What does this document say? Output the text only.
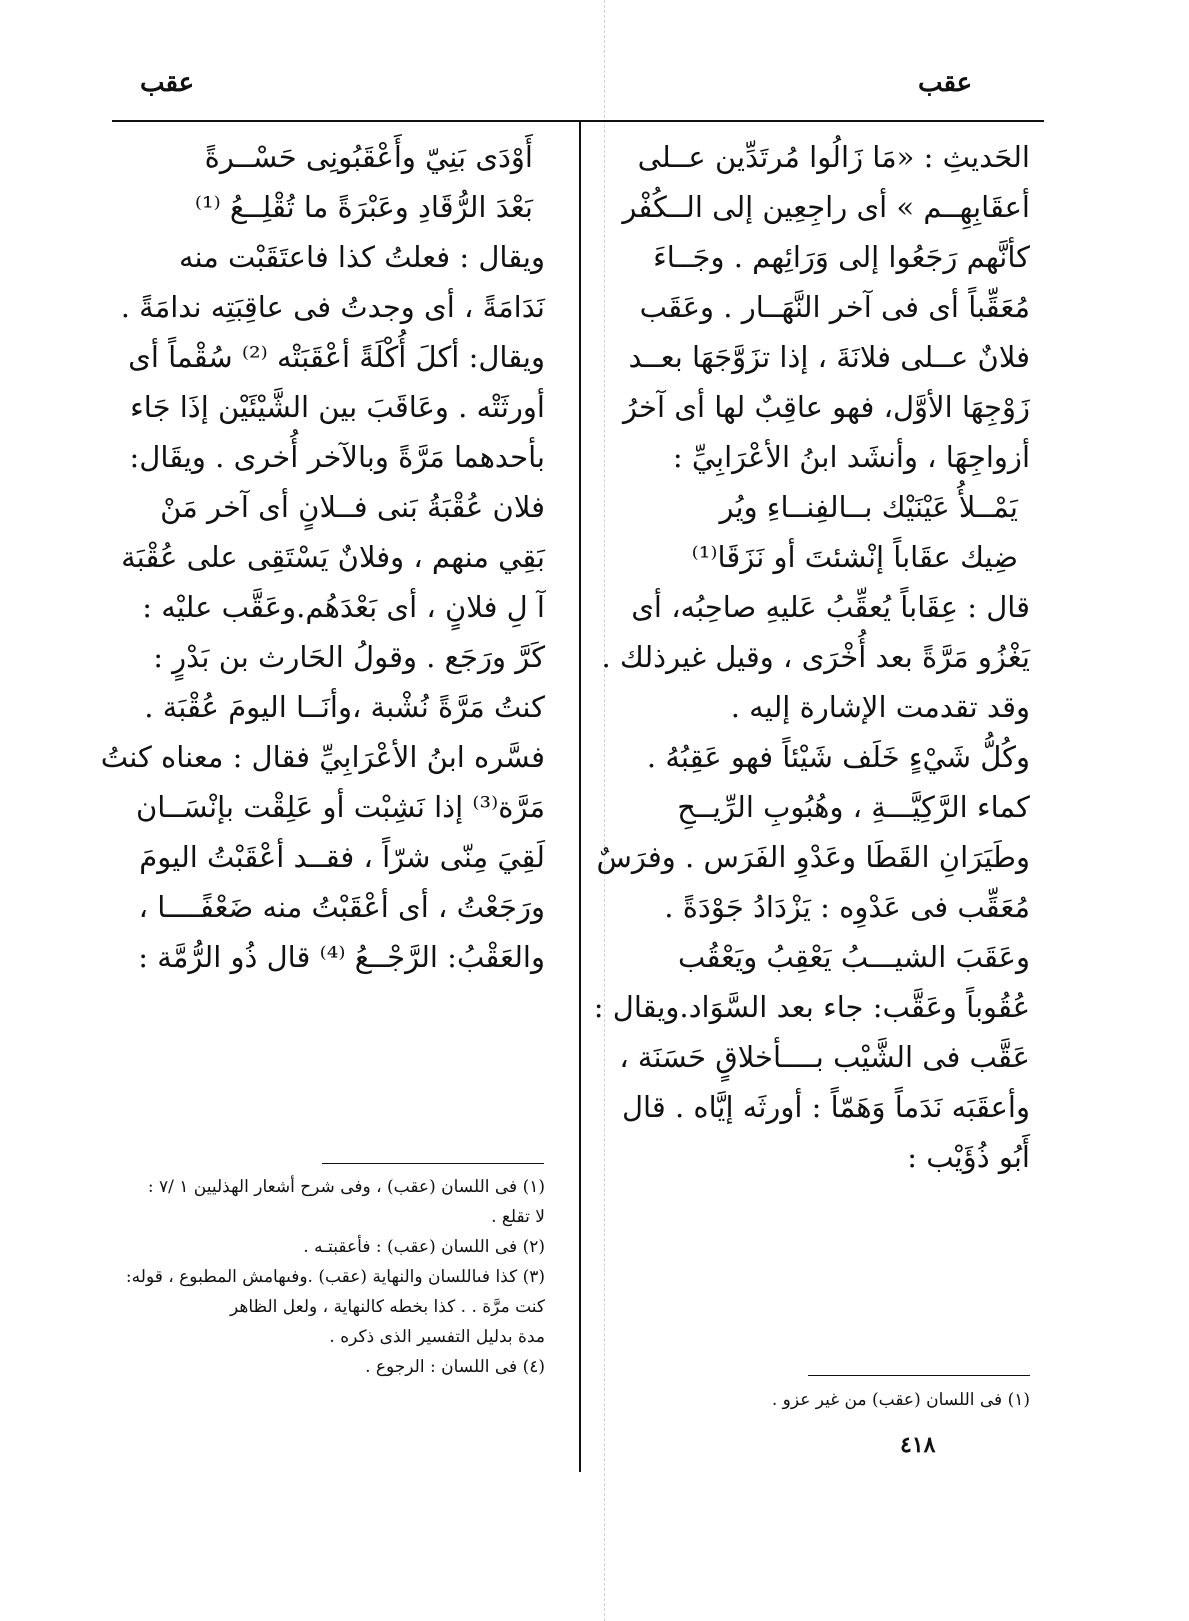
عقب
عقب
الحَديثِ : «مَا زَالُوا مُرتَدِّين عــلى
أعقَابِهِــم » أى راجِعِين إلى الــكُفْر
كأنَّهم رَجَعُوا إلى وَرَائِهم . وجَــاءَ
مُعَقِّباً أى فى آخر النَّهَــار . وعَقَب
فلانٌ عــلى فلانَةَ ، إذا تزَوَّجَهَا بعــد
زَوْجِهَا الأوَّل، فهو عاقِبٌ لها أى آخرُ
أزواجِهَا ، وأنشَد ابنُ الأعْرَابِيِّ :
يَمْــلأُ عَيْنَيْك بــالفِنــاءِ ويُر
ضِيك عقَاباً إنْشئتَ أو نَزَقَا⁽¹⁾
قال : عِقَاباً يُعقِّبُ عَليهِ صاحِبُه، أى
يَغْزُو مَرَّةً بعد أُخْرَى ، وقيل غيرذلك .
وقد تقدمت الإشارة إليه .
وكُلُّ شَيْءٍ خَلَف شَيْئاً فهو عَقِبُهُ .
كماء الرَّكِيَّـــةِ ، وهُبُوبِ الرِّيــحِ
وطَيَرَانِ القَطَا وعَدْوِ الفَرَس . وفرَسٌ
مُعَقِّب فى عَدْوِه : يَزْدَادُ جَوْدَةً .
وعَقَبَ الشيـــبُ يَعْقِبُ ويَعْقُب
عُقُوباً وعَقَّب: جاء بعد السَّوَاد.ويقال :
عَقَّب فى الشَّيْب بــــأخلاقٍ حَسَنَة ،
وأعقَبَه نَدَماً وَهَمّاً : أورثَه إيَّاه . قال
أَبُو ذُؤَيْب :
أَوْدَى بَنِيّ وأَعْقَبُونِى حَسْــرةً
بَعْدَ الرُّقَادِ وعَبْرَةً ما تُقْلِــعُ ⁽¹⁾
ويقال : فعلتُ كذا فاعتَقَبْت منه
نَدَامَةً ، أى وجدتُ فى عاقِبَتِه ندامَةً .
ويقال: أكلَ أُكْلَةً أعْقَبَتْه ⁽²⁾ سُقْماً أى
أورثَتْه . وعَاقَبَ بين الشَّيْئَيْن إذَا جَاء
بأحدهما مَرَّةً وبالآخر أُخرى . ويقَال:
فلان عُقْبَةُ بَنى فــلانٍ أى آخر مَنْ
بَقِي منهم ، وفلانٌ يَسْتَقِى على عُقْبَة
آ لِ فلانٍ ، أى بَعْدَهُم.وعَقَّب عليْه :
كَرَّ ورَجَع . وقولُ الحَارث بن بَدْرٍ :
كنتُ مَرَّةً نُشْبة ،وأنَــا اليومَ عُقْبَة .
فسَّره ابنُ الأعْرَابِيِّ فقال : معناه كنتُ
مَرَّة⁽³⁾ إذا نَشِبْت أو عَلِقْت بإنْسَــان
لَقِيَ مِنّى شرّاً ، فقــد أعْقَبْتُ اليومَ
ورَجَعْتُ ، أى أعْقَبْتُ منه ضَعْفًــــا ،
والعَقْبُ: الرَّجْــعُ ⁽⁴⁾ قال ذُو الرُّمَّة :
(١) فى اللسان (عقب) من غير عزو .
(١) فى اللسان (عقب) ، وفى شرح أشعار الهذليين ١ /٧ :
لا تقلع .
(٢) فى اللسان (عقب) : فأعقبتـه .
(٣) كذا فىاللسان والنهاية (عقب) .وفىهامش المطبوع ، قوله:
كنت مرَّة . . كذا بخطه كالنهاية ، ولعل الظاهر
مدة بدليل التفسير الذى ذكره .
(٤) فى اللسان : الرجوع .
٤١٨
